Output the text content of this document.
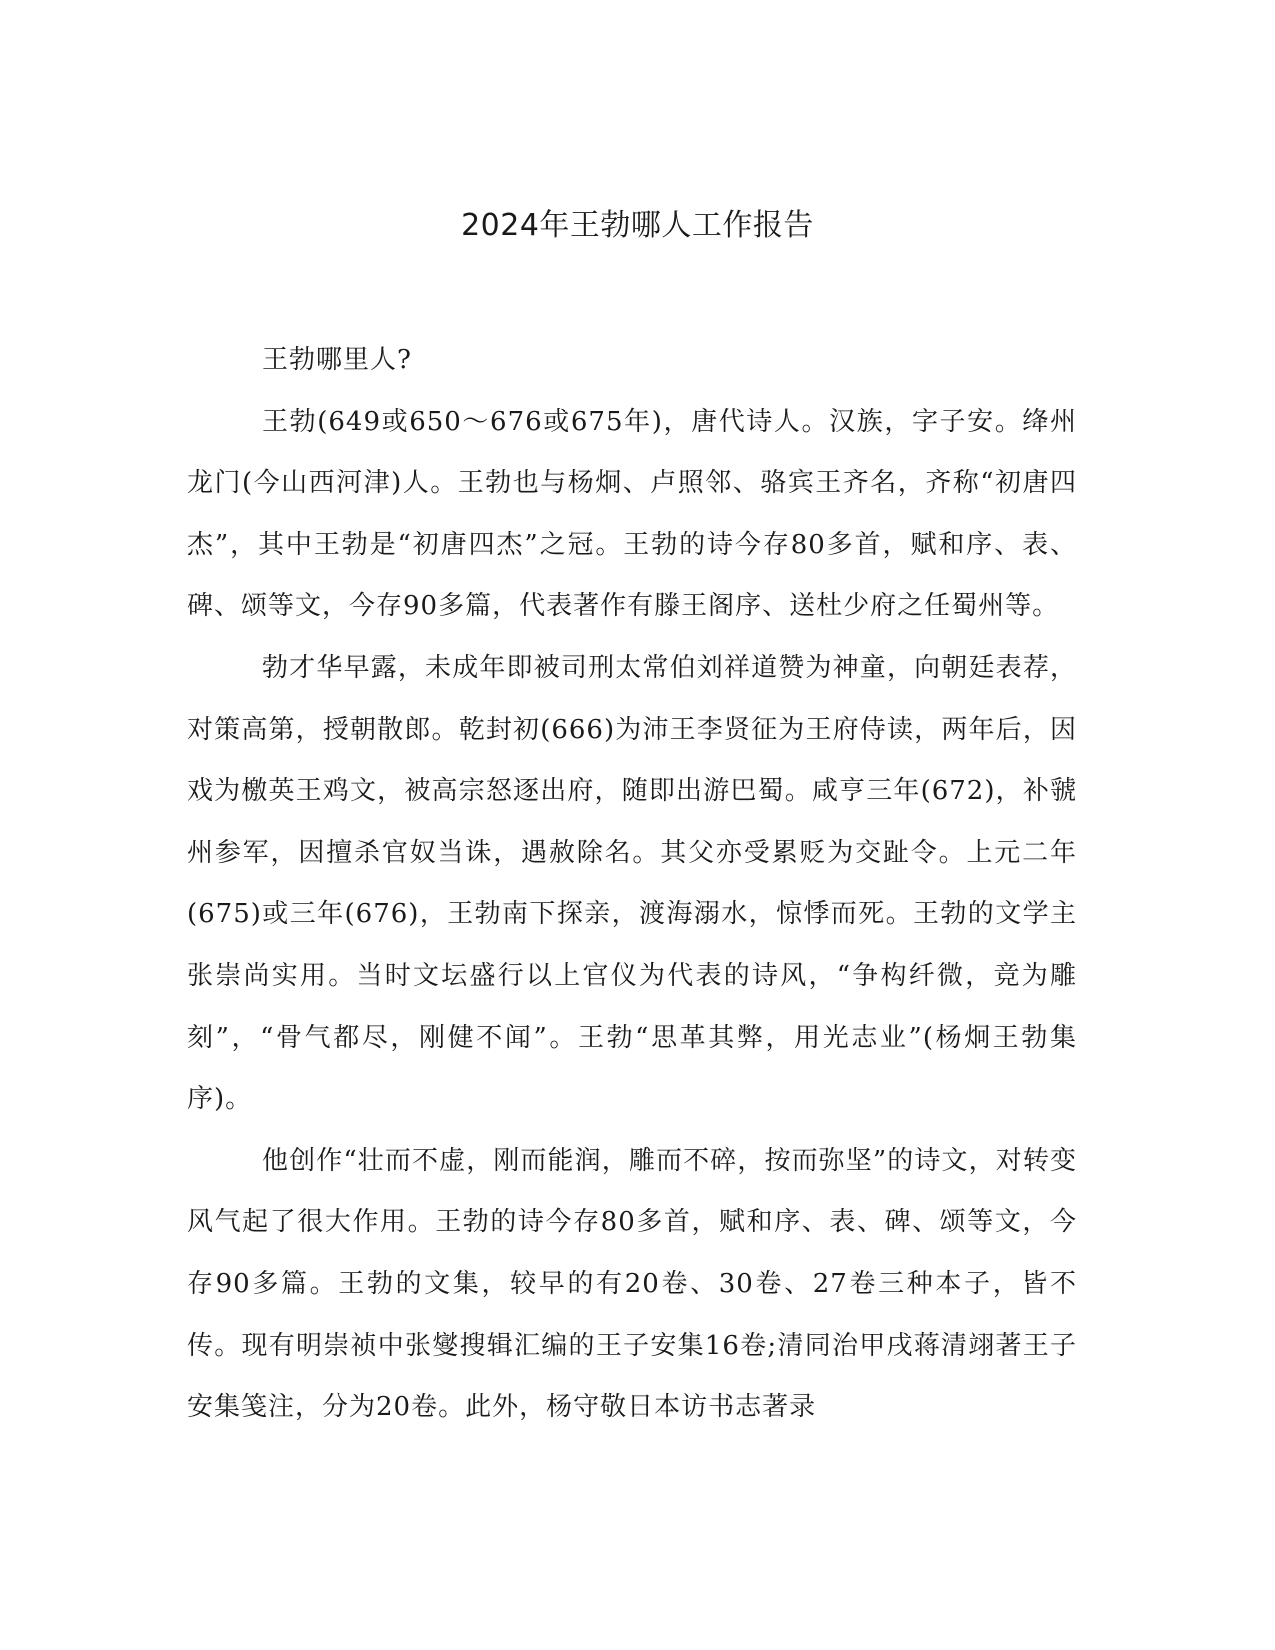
2024年王勃哪人工作报告

王勃哪里人?

王勃(649或650～676或675年)，唐代诗人。汉族，字子安。绛州龙门(今山西河津)人。王勃也与杨炯、卢照邻、骆宾王齐名，齐称“初唐四杰”，其中王勃是“初唐四杰”之冠。王勃的诗今存80多首，赋和序、表、碑、颂等文，今存90多篇，代表著作有滕王阁序、送杜少府之任蜀州等。

勃才华早露，未成年即被司刑太常伯刘祥道赞为神童，向朝廷表荐，对策高第，授朝散郎。乾封初(666)为沛王李贤征为王府侍读，两年后，因戏为檄英王鸡文，被高宗怒逐出府，随即出游巴蜀。咸亨三年(672)，补虢州参军，因擅杀官奴当诛，遇赦除名。其父亦受累贬为交趾令。上元二年(675)或三年(676)，王勃南下探亲，渡海溺水，惊悸而死。王勃的文学主张崇尚实用。当时文坛盛行以上官仪为代表的诗风，“争构纤微，竞为雕刻”，“骨气都尽，刚健不闻”。王勃“思革其弊，用光志业”(杨炯王勃集序)。

他创作“壮而不虚，刚而能润，雕而不碎，按而弥坚”的诗文，对转变风气起了很大作用。王勃的诗今存80多首，赋和序、表、碑、颂等文，今存90多篇。王勃的文集，较早的有20卷、30卷、27卷三种本子，皆不传。现有明崇祯中张燮搜辑汇编的王子安集16卷;清同治甲戌蒋清翊著王子安集笺注，分为20卷。此外，杨守敬日本访书志著录
